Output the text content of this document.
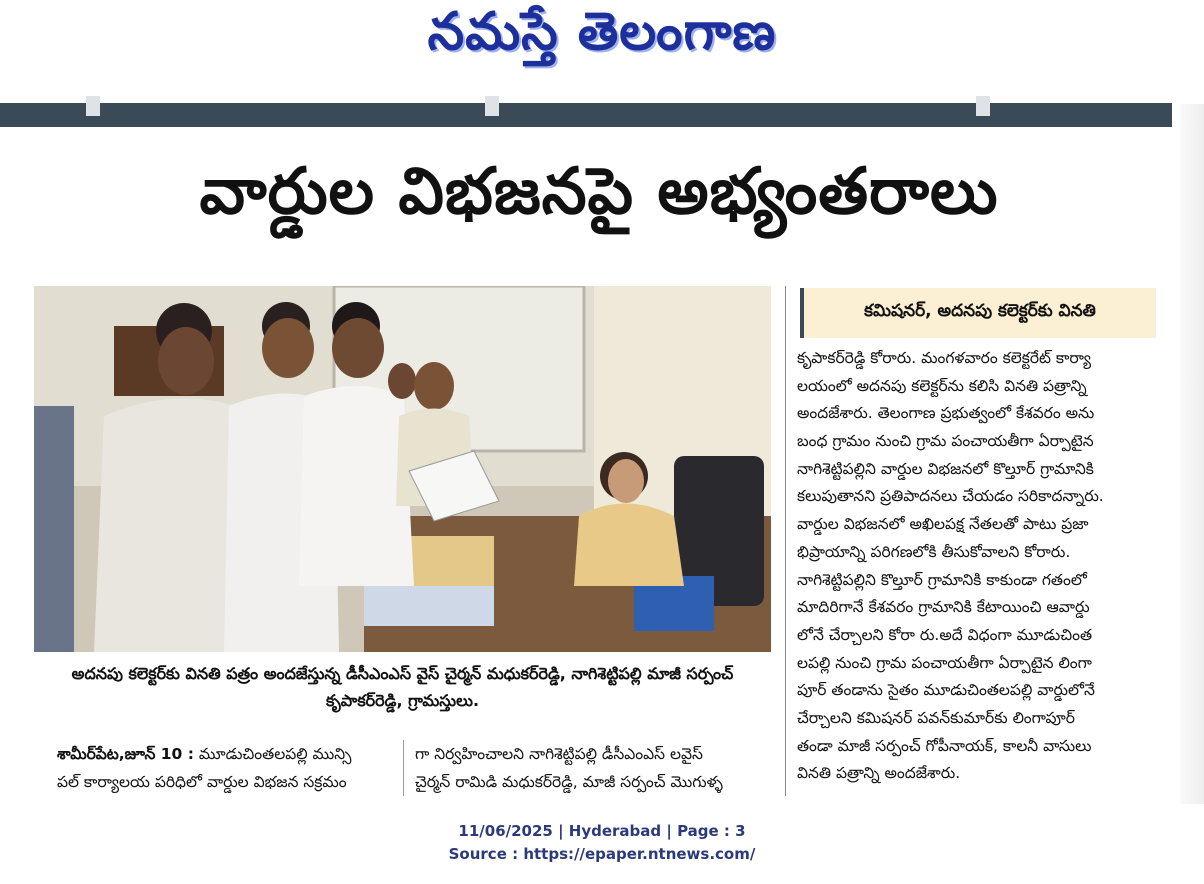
నమస్తే తెలంగాణ
వార్డుల విభజనపై అభ్యంతరాలు
అదనపు కలెక్టర్‌కు వినతి పత్రం అందజేస్తున్న డీసీఎంఎస్ వైస్ చైర్మన్ మధుకర్‌రెడ్డి, నాగిశెట్టిపల్లి మాజీ సర్పంచ్ కృపాకర్‌రెడ్డి, గ్రామస్తులు.
కమిషనర్, అదనపు కలెక్టర్‌కు వినతి
కృపాకర్‌రెడ్డి కోరారు. మంగళవారం కలెక్టరేట్ కార్యా
లయంలో అదనపు కలెక్టర్‌ను కలిసి వినతి పత్రాన్ని
అందజేశారు. తెలంగాణ ప్రభుత్వంలో కేశవరం అను
బంధ గ్రామం నుంచి గ్రామ పంచాయతీగా ఏర్పాటైన
నాగిశెట్టిపల్లిని వార్డుల విభజనలో కొల్తూర్ గ్రామానికి
కలుపుతానని ప్రతిపాదనలు చేయడం సరికాదన్నారు.
వార్డుల విభజనలో అఖిలపక్ష నేతలతో పాటు ప్రజా
భిప్రాయాన్ని పరిగణలోకి తీసుకోవాలని కోరారు.
నాగిశెట్టిపల్లిని కొల్తూర్ గ్రామానికి కాకుండా గతంలో
మాదిరిగానే కేశవరం గ్రామానికి కేటాయించి ఆవార్డు
లోనే చేర్చాలని కోరా రు.అదే విధంగా మూడుచింత
లపల్లి నుంచి గ్రామ పంచాయతీగా ఏర్పాటైన లింగా
పూర్ తండాను సైతం మూడుచింతలపల్లి వార్డులోనే
చేర్చాలని కమిషనర్ పవన్‌కుమార్‌కు లింగాపూర్
తండా మాజీ సర్పంచ్ గోపీనాయక్, కాలనీ వాసులు
వినతి పత్రాన్ని అందజేశారు.
శామీర్‌పేట,జూన్ 10 : మూడుచింతలపల్లి మున్సి
పల్ కార్యాలయ పరిధిలో వార్డుల విభజన సక్రమం
గా నిర్వహించాలని నాగిశెట్టిపల్లి డీసీఎంఎస్ లవైస్
చైర్మన్ రామిడి మధుకర్‌రెడ్డి, మాజీ సర్పంచ్ మొగుళ్ళ
11/06/2025 | Hyderabad | Page : 3
Source : https://epaper.ntnews.com/
